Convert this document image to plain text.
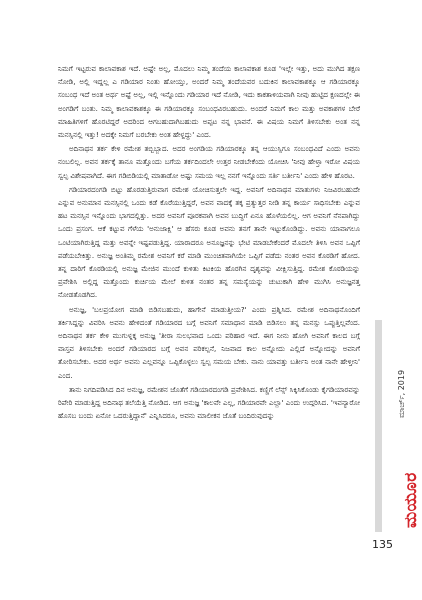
ನಿಮಗೆ ಇಟ್ಟರುವ ಕಾಲಾವಕಾಶ ಇದೆ. ಅಷ್ಟೇ ಅಲ್ಲ, ಮೊದಲು ನಿಮ್ಮ ತಂದೆಯ ಕಾಲಾವಕಾಶ ಕೂಡ 'ಇಲ್ಲೇ ಇತ್ತು, ಅದು ಮುಗಿದ ತಕ್ಷಣ ನೋಡಿ, ಅಲ್ಲಿ ಇದ್ದಲ್ಲ ಎ ಗಡಿಯಾರ ನಿಂತು ಹೋಯ್ತು, ಅಂದರೆ ನಿಮ್ಮ ತಂದೆಯವರ ಬದುಕಿನ ಕಾಲಾವಕಾಶಕ್ಕೂ ಆ ಗಡಿಯಾರಕ್ಕೂ ಸಂಬಂಧ ಇದೆ ಅಂತ ಅರ್ಥ ಅಷ್ಟೆ ಅಲ್ಲ, ಇಲ್ಲಿ ಇನ್ನೊಂದು ಗಡಿಯಾರ ಇದೆ ನೋಡಿ, ಇದು ಕಾಕತಾಳಿಯವಾಗಿ ನೀವು ಹುಟ್ಟಿದ ಕ್ಷಣದಲ್ಲೇ ಈ ಅಂಗಡಿಗೆ ಬಂತು. ನಿಮ್ಮ ಕಾಲಾವಕಾಶಕ್ಕೂ ಈ ಗಡಿಯಾರಕ್ಕೂ ಸಂಬಂಧವಿರಬಹುದು. ಅಂದರೆ ನಿಮಗೆ ಕಾಲ ಮತ್ತು ಅವಕಾಶಗಳ ಬೇರೆ ಮಾಹಿತಿಗಳಿಗೆ ಹೊರಟಿದ್ದರೆ ಅದರಿಂದ ಆಗಬಹುದಾಗಿಬಹುದು ಅಪ್ಪಟ ನನ್ನ ಭಾವನೆ. ಈ ವಿಷಯ ನಿಮಗೆ ತಿಳಿಸಬೇಕು ಅಂತ ನನ್ನ ಮನಸ್ಸಿನಲ್ಲಿ ಇತ್ತು! ಅದಕ್ಕೇ ನಿಮಗೆ ಬರಬೇಕು ಅಂತ ಹೇಳ್ದದ್ದು' ಎಂದ.

ಅದಿನಾಥನ ತರ್ಕ ಕೇಳಿ ರಮೇಶ ತಬ್ಬಿಬ್ಬಾದ. ಅದರ ಅಂಗಡಿಯ ಗಡಿಯಾರಕ್ಕೂ ತನ್ನ ಆಯುಸ್ಸಿಗೂ ಸಂಬಂಧವಿದೆ ಎಂದು ಅವನು ನಂಬಲಿಲ್ಲ. ಅವನ ತರ್ಕಕ್ಕೆ ತಾನೂ ಮತ್ತೊಂದು ಬಗೆಯ ತರ್ಕದಿಂದಲೇ ಉತ್ತರ ನೀಡಬೇಕೆಂದು ಯೋಚಿಸಿ 'ನೀವು ಹೇಳ್ತಾ ಇರೋ ವಿಷಯ ಸ್ವಲ್ಪ ವಿಶೇಷವಾಗಿದೆ. ಈಗ ಗಡಿಬಿಡಿಯಲ್ಲಿ ಮಾತಾಡೋ ಅಷ್ಟು ಸಮಯ ಇಲ್ಲ ನನಗೆ ಇನ್ನೊಂದು ಸರ್ತಿ ಬರ್ತೀನಿ' ಎಂದು ಹೇಳಿ ಹೊರಟ.

ಗಡಿಯಾರದಂಗಡಿ ಬಿಟ್ಟು ಹೊರಡುತ್ತಿರುವಾಗ ರಮೇಶ ಯೋಚಿಸುತ್ತಲೇ ಇದ್ದ. ಅವನಿಗೆ ಅದಿನಾಥನ ಮಾತುಗಳು ನಿಜವಿರಬಹುದೇ ಎನ್ನುವ ಅನುಮಾನ ಮನಸ್ಸಿನಲ್ಲಿ ಒಂದು ಕಡೆ ಕೊರೆಯುತ್ತಿದ್ದರೆ, ಅವನ ವಾದಕ್ಕೆ ತಕ್ಕ ಪ್ರತ್ಯುತ್ತರ ನೀಡಿ ತನ್ನ ಕಾರ್ಯ ಸಾಧಿಸಬೇಕು ಎನ್ನುವ ಹಟ ಮನಸ್ಸಿನ ಇನ್ನೊಂದು ಭಾಗದಲ್ಲಿತ್ತು. ಅದರ ಅವನಿಗೆ ಪೂರಕವಾಗಿ ಅವನ ಬುದ್ಧಿಗೆ ಏನೂ ಹೊಳೆಯಲಿಲ್ಲ. ಆಗ ಅವನಿಗೆ ನೆನಪಾಗಿದ್ದು ಒಂದು ಪ್ರಸಂಗ. ಆಕೆ ಕಟ್ಟುವ ಗೆಳೆಯ 'ಅನುಜಾಕ್ಷಿ' ಆ ಹೆಸರು ಕೂಡ ಅವನು ತನಗೆ ತಾನೇ ಇಟ್ಟುಕೊಂಡಿದ್ದು. ಅವನು ಯಾವಾಗಲೂ ಒಂಟಿಯಾಗಿರುತ್ತಿದ್ದ ಮತ್ತು ಅವನ್ನೇ ಇಷ್ಟಪಡುತ್ತಿದ್ದ. ಯಾರಾದರೂ ಅನೂಜ್ಞನನ್ನು ಭೇಟಿ ಮಾಡಬೇಕೆಂದರೆ ಮೊದಲೇ ತಿಳಿಸಿ ಅವನ ಒಪ್ಪಿಗೆ ಪಡೆಯಬೇಕಿತ್ತು. ಅನುಜ್ಞ ಅಂತಿಮ್ಮ ರಮೇಶ ಅವನಿಗೆ ಕರೆ ಮಾಡಿ ಮುಂಚಿತವಾಗಿಯೇ ಒಪ್ಪಿಗೆ ಪಡೆದು ನಂತರ ಅವನ ಕೊಠಡಿಗೆ ಹೋದ. ತನ್ನ ದಾರಿಗೆ ಕೊಠಡಿಯಲ್ಲಿ ಅನುಜ್ಞ ಮೇಜಿನ ಮುಂದೆ ಕುಳಿತು ಕಿಟಕಿಯ ಹೊರಗಿನ ದೃಶ್ಯವನ್ನು ವೀಕ್ಷಿಸುತ್ತಿದ್ದ. ರಮೇಶ ಕೊಠಡಿಯನ್ನು ಪ್ರವೇಶಿಸಿ ಅಲ್ಲಿದ್ದ ಮತ್ತೊಂದು ಕುರ್ಚಿಯ ಮೇಲೆ ಕುಳಿತ ನಂತರ ತನ್ನ ಸಮಸ್ಯೆಯನ್ನು ಚುಟುಕಾಗಿ ಹೇಳಿ ಮುಗಿಸಿ ಅನುಜ್ಞನತ್ತ ನೋಡತೊಡಗಿದ.

ಅನುಜ್ಞ, 'ಬಲಪ್ರಯೋಗ ಮಾಡಿ ಬಿಡಿಸಬಹುದು, ಹಾಗೇನೆ ಮಾಡುತ್ತೀಯ?' ಎಂದು ಪ್ರಶ್ನಿಸಿದ. ರಮೇಶ ಅದಿನಾಥನೊಂದಿಗೆ ತರ್ಕಿಸಿದ್ದನ್ನು ವಿವರಿಸಿ ಅವನು ಹೇಳಿದಂತೆ ಗಡಿಯಾರದ ಬಗ್ಗೆ ಅವನಿಗೆ ಸಮಾಧಾನ ಮಾಡಿ ಬಿಡಿಸಲು ತನ್ನ ಮನಸ್ಸು ಒಪ್ಪುತ್ತಿಲ್ಲವೆಂದ. ಅದಿನಾಥನ ತರ್ಕ ಕೇಳಿ ಮುಗುಳ್ನಕ್ಕ ಅನುಜ್ಞ 'ತೀರಾ ಸುಲಭವಾದ ಒಂದು ಪರಿಹಾರ ಇದೆ. ಈಗ ನೀನು ಹೋಗಿ ಅವನಿಗೆ ಕಾಲದ ಬಗ್ಗೆ ವಾಸ್ತವ ತಿಳಿಸಬೇಕು ಅಂದರೆ ಗಡಿಯಾರದ ಬಗ್ಗೆ ಅವನ ಪರಿಕಲ್ಪನೆ, ನಿಜವಾದ ಕಾಲ ಅನ್ನೋದು ಎಲ್ಲಿದೆ ಅನ್ನೋದನ್ನು ಅವನಿಗೆ ತೋರಿಸಬೇಕು. ಅದರ ಅರ್ಥ ಅವನು ಎಲ್ಲವನ್ನೂ ಒಪ್ಪಿಕೊಳ್ಳಲು ಸ್ವಲ್ಪ ಸಮಯ ಬೇಕು. ನಾನು ಯಾವತ್ತು ಬರ್ತೀನಿ ಅಂತ ನಾನೇ ಹೇಳ್ತೀನಿ' ಎಂದ.

ತಾನು ನಿಗದಿಪಡಿಸಿದ ದಿನ ಅನುಜ್ಞ, ರಮೇಶನ ಜೊತೆಗೆ ಗಡಿಯಾರದಂಗಡಿ ಪ್ರವೇಶಿಸಿದ. ಕಣ್ಣಿಗೆ ಲೆನ್ಸ್ ಸಿಕ್ಕಿಸಿಕೊಂಡು ಕೈಗಡಿಯಾರವನ್ನು ರಿಪೇರಿ ಮಾಡುತ್ತಿದ್ದ ಅದಿನಾಥ ತಲೆಯೆತ್ತಿ ನೋಡಿದ. ಆಗ ಅನುಜ್ಞ 'ಕಾಲವೇ ಎಲ್ಲ, ಗಡಿಯಾರವೇ ಎಲ್ಲಾ' ಎಂದು ಉದ್ಗರಿಸಿದ. 'ಇವನ್ಯಾರೋ ಹೊಸಬ ಬಂದು ಏನೋ ಒದರುತ್ತಿದ್ದಾನೆ' ಎನ್ನಿಸಿದರೂ, ಅವನು ಮಾಲೀಕನ ಜೊತೆ ಬಂದಿರುವುದನ್ನು	ಮಾರ್ಚ್, 2019
ಮಯೂರ
135
